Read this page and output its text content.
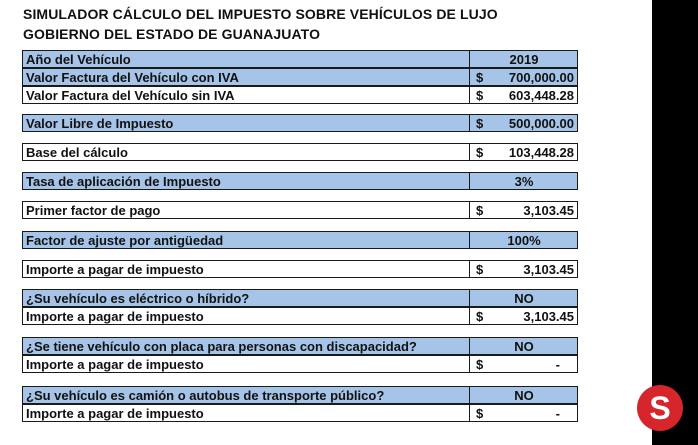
SIMULADOR CÁLCULO DEL IMPUESTO SOBRE VEHÍCULOS DE LUJO
GOBIERNO DEL ESTADO DE GUANAJUATO
Año del Vehículo	2019
Valor Factura del Vehículo con IVA	$ 700,000.00
Valor Factura del Vehículo sin IVA	$ 603,448.28
Valor Libre de Impuesto	$ 500,000.00
Base del cálculo	$ 103,448.28
Tasa de aplicación de Impuesto	3%
Primer factor de pago	$	3,103.45
Factor de ajuste por antigüedad	100%
Importe a pagar de impuesto	$	3,103.45
¿Su vehículo es eléctrico o híbrido?	NO
Importe a pagar de impuesto	$	3,103.45
¿Se tiene vehículo con placa para personas con discapacidad?	NO
Importe a pagar de impuesto	$	-
¿Su vehículo es camión o autobus de transporte público?	NO
Importe a pagar de impuesto	$	-	S
